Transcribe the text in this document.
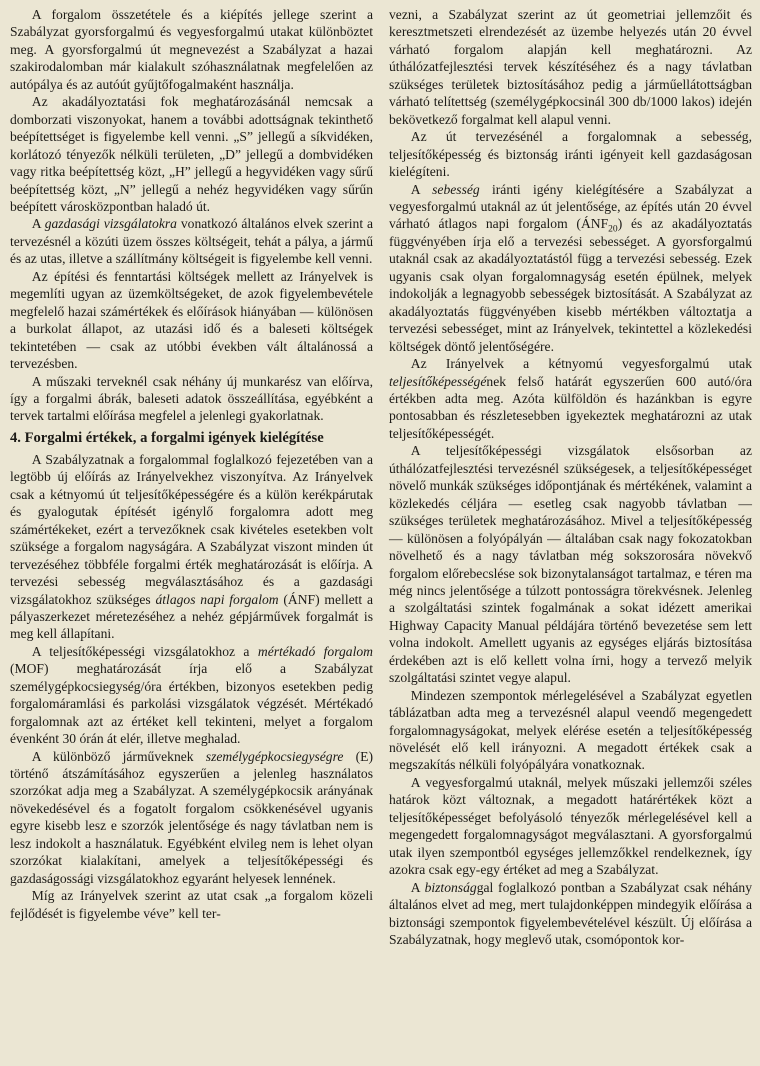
A forgalom összetétele és a kiépítés jellege szerint a Szabályzat gyorsforgalmú és vegyesforgalmú utakat különböztet meg. A gyorsforgalmú út megnevezést a Szabályzat a hazai szakirodalomban már kialakult szóhasználatnak megfelelően az autópálya és az autóút gyűjtőfogalmaként használja.

Az akadályoztatási fok meghatározásánál nemcsak a domborzati viszonyokat, hanem a további adottságnak tekinthető beépítettséget is figyelembe kell venni. „S” jellegű a síkvidéken, korlátozó tényezők nélküli területen, „D” jellegű a dombvidéken vagy ritka beépítettség közt, „H” jellegű a hegyvidéken vagy sűrű beépítettség közt, „N” jellegű a nehéz hegyvidéken vagy sűrűn beépített városközpontban haladó út.

A gazdasági vizsgálatokra vonatkozó általános elvek szerint a tervezésnél a közúti üzem összes költségeit, tehát a pálya, a jármű és az utas, illetve a szállítmány költségeit is figyelembe kell venni.

Az építési és fenntartási költségek mellett az Irányelvek is megemlíti ugyan az üzemköltségeket, de azok figyelembevétele megfelelő hazai számértékek és előírások hiányában — különösen a burkolat állapot, az utazási idő és a baleseti költségek tekintetében — csak az utóbbi években vált általánossá a tervezésben.

A műszaki terveknél csak néhány új munkarész van előírva, így a forgalmi ábrák, baleseti adatok összeállítása, egyébként a tervek tartalmi előírása megfelel a jelenlegi gyakorlatnak.

4. Forgalmi értékek, a forgalmi igények kielégítése

A Szabályzatnak a forgalommal foglalkozó fejezetében van a legtöbb új előírás az Irányelvekhez viszonyítva. Az Irányelvek csak a kétnyomú út teljesítőképességére és a külön kerékpárutak és gyalogutak építését igénylő forgalomra adott meg számértékeket, ezért a tervezőknek csak kivételes esetekben volt szüksége a forgalom nagyságára. A Szabályzat viszont minden út tervezéséhez többféle forgalmi érték meghatározását is előírja. A tervezési sebesség megválasztásához és a gazdasági vizsgálatokhoz szükséges átlagos napi forgalom (ÁNF) mellett a pályaszerkezet méretezéséhez a nehéz gépjárművek forgalmát is meg kell állapítani.

A teljesítőképességi vizsgálatokhoz a mértékadó forgalom (MOF) meghatározását írja elő a Szabályzat személygépkocsiegység/óra értékben, bizonyos esetekben pedig forgalomáramlási és parkolási vizsgálatok végzését. Mértékadó forgalomnak azt az értéket kell tekinteni, melyet a forgalom évenként 30 órán át elér, illetve meghalad.

A különböző járműveknek személygépkocsiegységre (E) történő átszámításához egyszerűen a jelenleg használatos szorzókat adja meg a Szabályzat. A személygépkocsik arányának növekedésével és a fogatolt forgalom csökkenésével ugyanis egyre kisebb lesz e szorzók jelentősége és nagy távlatban nem is lesz indokolt a használatuk. Egyébként elvileg nem is lehet olyan szorzókat kialakítani, amelyek a teljesítőképességi és gazdaságossági vizsgálatokhoz egyaránt helyesek lennének.

Míg az Irányelvek szerint az utat csak „a forgalom közeli fejlődését is figyelembe véve” kell ter-

vezni, a Szabályzat szerint az út geometriai jellemzőit és keresztmetszeti elrendezését az üzembe helyezés után 20 évvel várható forgalom alapján kell meghatározni. Az úthálózatfejlesztési tervek készítéséhez és a nagy távlatban szükséges területek biztosításához pedig a járműellátottságban várható telítettség (személygépkocsinál 300 db/1000 lakos) idején bekövetkező forgalmat kell alapul venni.

Az út tervezésénél a forgalomnak a sebesség, teljesítőképesség és biztonság iránti igényeit kell gazdaságosan kielégíteni.

A sebesség iránti igény kielégítésére a Szabályzat a vegyesforgalmú utaknál az út jelentősége, az építés után 20 évvel várható átlagos napi forgalom $(ÁNF_{20})$ és az akadályoztatás függvényében írja elő a tervezési sebességet. A gyorsforgalmú utaknál csak az akadályoztatástól függ a tervezési sebesség. Ezek ugyanis csak olyan forgalomnagyság esetén épülnek, melyek indokolják a legnagyobb sebességek biztosítását. A Szabályzat az akadályoztatás függvényében kisebb mértékben változtatja a tervezési sebességet, mint az Irányelvek, tekintettel a közlekedési költségek döntő jelentőségére.

Az Irányelvek a kétnyomú vegyesforgalmú utak teljesítőképességének felső határát egyszerűen 600 autó/óra értékben adta meg. Azóta külföldön és hazánkban is egyre pontosabban és részletesebben igyekeztek meghatározni az utak teljesítőképességét.

A teljesítőképességi vizsgálatok elsősorban az úthálózatfejlesztési tervezésnél szükségesek, a teljesítőképességet növelő munkák szükséges időpontjának és mértékének, valamint a közlekedés céljára — esetleg csak nagyobb távlatban — szükséges területek meghatározásához. Mivel a teljesítőképesség — különösen a folyópályán — általában csak nagy fokozatokban növelhető és a nagy távlatban még sokszorosára növekvő forgalom előrebecslése sok bizonytalanságot tartalmaz, e téren ma még nincs jelentősége a túlzott pontosságra törekvésnek. Jelenleg a szolgáltatási szintek fogalmának a sokat idézett amerikai Highway Capacity Manual példájára történő bevezetése sem lett volna indokolt. Amellett ugyanis az egységes eljárás biztosítása érdekében azt is elő kellett volna írni, hogy a tervező melyik szolgáltatási szintet vegye alapul.

Mindezen szempontok mérlegelésével a Szabályzat egyetlen táblázatban adta meg a tervezésnél alapul veendő megengedett forgalomnagyságokat, melyek elérése esetén a teljesítőképesség növelését elő kell irányozni. A megadott értékek csak a megszakítás nélküli folyópályára vonatkoznak.

A vegyesforgalmú utaknál, melyek műszaki jellemzői széles határok közt változnak, a megadott határértékek közt a teljesítőképességet befolyásoló tényezők mérlegelésével kell a megengedett forgalomnagyságot megválasztani. A gyorsforgalmú utak ilyen szempontból egységes jellemzőkkel rendelkeznek, így azokra csak egy-egy értéket ad meg a Szabályzat.

A biztonsággal foglalkozó pontban a Szabályzat csak néhány általános elvet ad meg, mert tulajdonképpen mindegyik előírása a biztonsági szempontok figyelembevételével készült. Új előírása a Szabályzatnak, hogy meglevő utak, csomópontok kor-
